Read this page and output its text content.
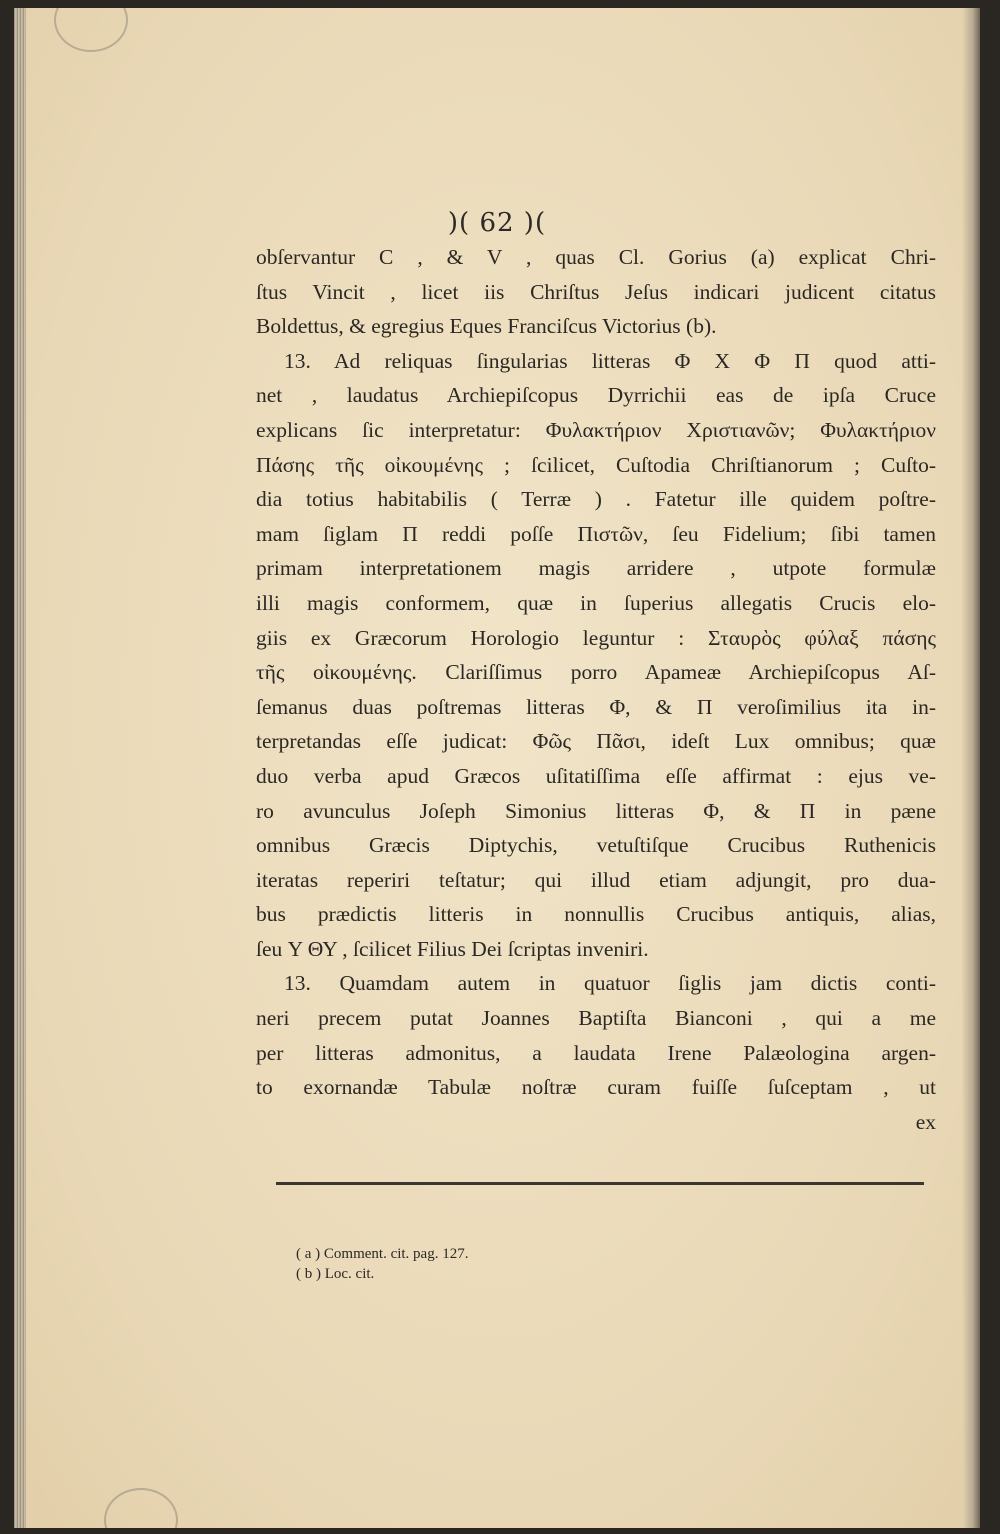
)( 62 )(
obſervantur C , & V , quas Cl. Gorius (a) explicat Chri-
ſtus Vincit , licet iis Chriſtus Jeſus indicari judicent citatus
Boldettus, & egregius Eques Franciſcus Victorius (b).
13. Ad reliquas ſingularias litteras Φ Χ Φ Π quod atti-
net , laudatus Archiepiſcopus Dyrrichii eas de ipſa Cruce
explicans ſic interpretatur: Φυλακτήριον Χριστιανῶν; Φυλακτήριον
Πάσης τῆς οἰκουμένης ; ſcilicet, Cuſtodia Chriſtianorum ; Cuſto-
dia totius habitabilis ( Terræ ) . Fatetur ille quidem poſtre-
mam ſiglam Π reddi poſſe Πιστῶν, ſeu Fidelium; ſibi tamen
primam interpretationem magis arridere , utpote formulæ
illi magis conformem, quæ in ſuperius allegatis Crucis elo-
giis ex Græcorum Horologio leguntur : Σταυρὸς φύλαξ πάσης
τῆς οἰκουμένης. Clariſſimus porro Apameæ Archiepiſcopus Aſ-
ſemanus duas poſtremas litteras Φ, & Π veroſimilius ita in-
terpretandas eſſe judicat: Φῶς Πᾶσι, ideſt Lux omnibus; quæ
duo verba apud Græcos uſitatiſſima eſſe affirmat : ejus ve-
ro avunculus Joſeph Simonius litteras Φ, & Π in pæne
omnibus Græcis Diptychis, vetuſtiſque Crucibus Ruthenicis
iteratas reperiri teſtatur; qui illud etiam adjungit, pro dua-
bus prædictis litteris in nonnullis Crucibus antiquis, alias,
ſeu Υ ΘΥ , ſcilicet Filius Dei ſcriptas inveniri.
13. Quamdam autem in quatuor ſiglis jam dictis conti-
neri precem putat Joannes Baptiſta Bianconi , qui a me
per litteras admonitus, a laudata Irene Palæologina argen-
to exornandæ Tabulæ noſtræ curam fuiſſe ſuſceptam , ut
ex
( a ) Comment. cit. pag. 127.
( b ) Loc. cit.
